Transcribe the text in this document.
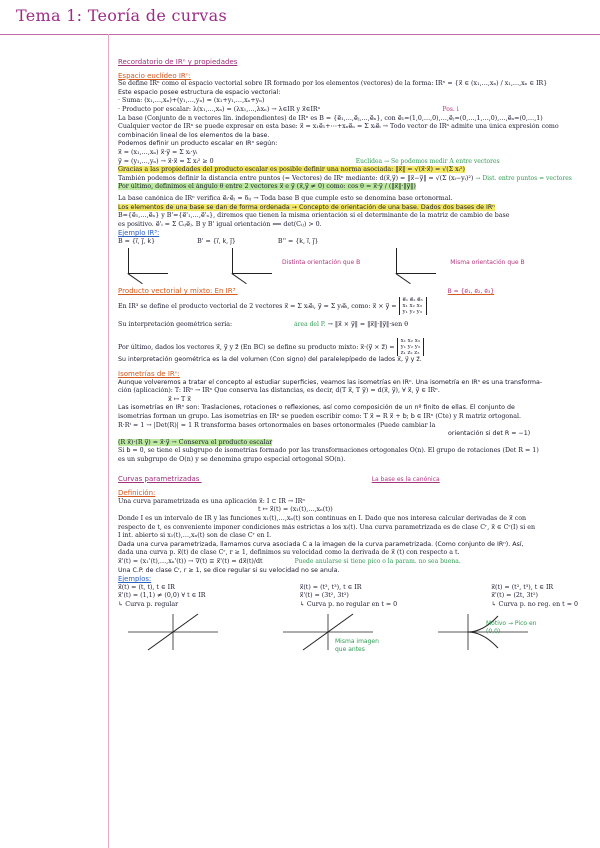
Tema 1: Teoría de curvas
Recordatorio de IRⁿ y propiedades
Espacio euclídeo IRⁿ:
Se define IRⁿ como el espacio vectorial sobre IR formado por los elementos (vectores) de la forma: IRⁿ = {x⃗ ∈ (x₁,…,xₙ) / x₁,…,xₙ ∈ IR}
Este espacio posee estructura de espacio vectorial:
· Suma: (x₁,…,xₙ)+(y₁,…,yₙ) = (x₁+y₁,…,xₙ+yₙ)
· Producto por escalar: λ(x₁,…,xₙ) = (λx₁,…,λxₙ) → λ∈IR y x⃗∈IRⁿ	Pos. i
La base (Conjunto de n vectores lin. independientes) de IRⁿ es B = {e⃗₁,…,e⃗ⱼ,…,e⃗ₙ}, con e⃗₁=(1,0,…,0),…,e⃗ⱼ=(0,…,1,…,0),…,e⃗ₙ=(0,…,1)
Cualquier vector de IRⁿ se puede expresar en esta base: x⃗ = x₁e⃗₁+⋯+xₙe⃗ₙ = Σ xᵢe⃗ᵢ → Todo vector de IRⁿ admite una única expresión como
combinación lineal de los elementos de la base.
Podemos definir un producto escalar en IRⁿ según:
x⃗ = (x₁,…,xₙ) x⃗·y⃗ = Σ xᵢ·yᵢ
y⃗ = (y₁,…,yₙ) → x⃗·x⃗ = Σ xᵢ² ≥ 0	Euclídea → Se podemos medir Â entre vectores
Gracias a las propiedades del producto escalar es posible definir una norma asociada: ‖x⃗‖ = √(x⃗·x⃗) = √(Σ xᵢ²)
También podemos definir la distancia entre puntos (= Vectores) de IRⁿ mediante: d(x⃗,y⃗) = ‖x⃗−y⃗‖ = √(Σ (xᵢ−yᵢ)²) → Dist. entre puntos = vectores
Por último, definimos el ángulo θ entre 2 vectores x⃗ e y⃗ (x⃗,y⃗ ≠ 0) como: cos θ = x⃗·y⃗ / (‖x⃗‖·‖y⃗‖)
La base canónica de IRⁿ verifica e⃗ᵢ·e⃗ⱼ = δᵢⱼ → Toda base B que cumple esto se denomina base ortonormal.
Los elementos de una base se dan de forma ordenada → Concepto de orientación de una base. Dados dos bases de IRⁿ
B={e⃗₁,…,e⃗ₙ} y B'={e⃗'₁,…,e⃗'ₙ}, diremos que tienen la misma orientación si el determinante de la matriz de cambio de base
es positivo. e⃗'ᵢ = Σ Cᵢⱼe⃗ⱼ. B y B' igual orientación ⟺ det(Cᵢⱼ) > 0.
Ejemplo IR³:
B = {i⃗, j⃗, k⃗}	B' = {i⃗, k⃗, j⃗}	B'' = {k⃗, i⃗, j⃗}

Distinta orientación que B	Misma orientación que B
Producto vectorial y mixto: En IR³	B = {e⃗₁, e⃗₂, e⃗₃}
En IR³ se define el producto vectorial de 2 vectores x⃗ = Σ xᵢe⃗ᵢ, y⃗ = Σ yᵢe⃗ᵢ, como: x⃗ × y⃗ = e⃗₁ e⃗₂ e⃗₃
x₁ x₂ x₃
y₁ y₂ y₃
Su interpretación geométrica sería:	área del P. → ‖x⃗ × y⃗‖ = ‖x⃗‖·‖y⃗‖·sen θ
Por último, dados los vectores x⃗, y⃗ y z⃗ (En BC) se define su producto mixto: x⃗·(y⃗ × z⃗) = x₁ x₂ x₃
y₁ y₂ y₃
z₁ z₂ z₃
Su interpretación geométrica es la del volumen (Con signo) del paralelepípedo de lados x⃗, y⃗ y z⃗.
Isometrías de IRⁿ:
Aunque volveremos a tratar el concepto al estudiar superficies, veamos las isometrías en IRⁿ. Una isometría en IRⁿ es una transforma-
ción (aplicación): T: IRⁿ → IRⁿ Que conserva las distancias, es decir, d(T x⃗, T y⃗) = d(x⃗, y⃗), ∀ x⃗, y⃗ ∈ IRⁿ.
x⃗ ↦ T x⃗
Las isometrías en IRⁿ son: Traslaciones, rotaciones o reflexiones, así como composición de un nº finito de ellas. El conjunto de
isometrías forman un grupo. Las isometrías en IRⁿ se pueden escribir como: T x⃗ = R x⃗ + b⃗; b⃗ ∈ IRⁿ (Cte) y R matriz ortogonal.
R·Rᵗ = 1 → |Det(R)| = 1 R transforma bases ortonormales en bases ortonormales (Puede cambiar la
orientación si det R = −1)
(R x⃗)·(R y⃗) = x⃗·y⃗ → Conserva el producto escalar
Si b⃗ = 0, se tiene el subgrupo de isometrías formado por las transformaciones ortogonales O(n). El grupo de rotaciones (Det R = 1)
es un subgrupo de O(n) y se denomina grupo especial ortogonal SO(n).
Curvas parametrizadas	La base es la canónica
Definición:
Una curva parametrizada es una aplicación x⃗: I ⊂ IR → IRⁿ
t ↦ x⃗(t) = (x₁(t),…,xₙ(t))
Donde I es un intervalo de IR y las funciones x₁(t),…,xₙ(t) son continuas en I. Dado que nos interesa calcular derivadas de x⃗ con
respecto de t, es conveniente imponer condiciones más estrictas a los xᵢ(t). Una curva parametrizada es de clase Cʳ, x⃗ ∈ Cʳ(I) si en
I int. abierto si x₁(t),…,xₙ(t) son de clase Cʳ en I.
Dada una curva parametrizada, llamamos curva asociada C a la imagen de la curva parametrizada. (Como conjunto de IRⁿ). Así,
dada una curva p. x⃗(t) de clase Cʳ, r ≥ 1, definimos su velocidad como la derivada de x⃗ (t) con respecto a t.
x⃗'(t) = (x₁'(t),…,xₙ'(t)) → ∇(t) ≡ x⃗'(t) = dx⃗(t)/dt	Puede anularse si tiene pico o la param. no sea buena.
Una C.P. de clase Cʳ, r ≥ 1, se dice regular si su velocidad no se anula.
Ejemplos:
x⃗(t) = (t, t), t ∈ IR
x⃗'(t) = (1,1) ≠ (0,0) ∀ t ∈ IR
↳ Curva p. regular
x⃗(t) = (t³, t³), t ∈ IR
x⃗'(t) = (3t², 3t²)
↳ Curva p. no regular en t = 0
x⃗(t) = (t², t³), t ∈ IR
x⃗'(t) = (2t, 3t²)
↳ Curva p. no reg. en t = 0
Misma imagen que antes
Motivo → Pico en (0,0)
